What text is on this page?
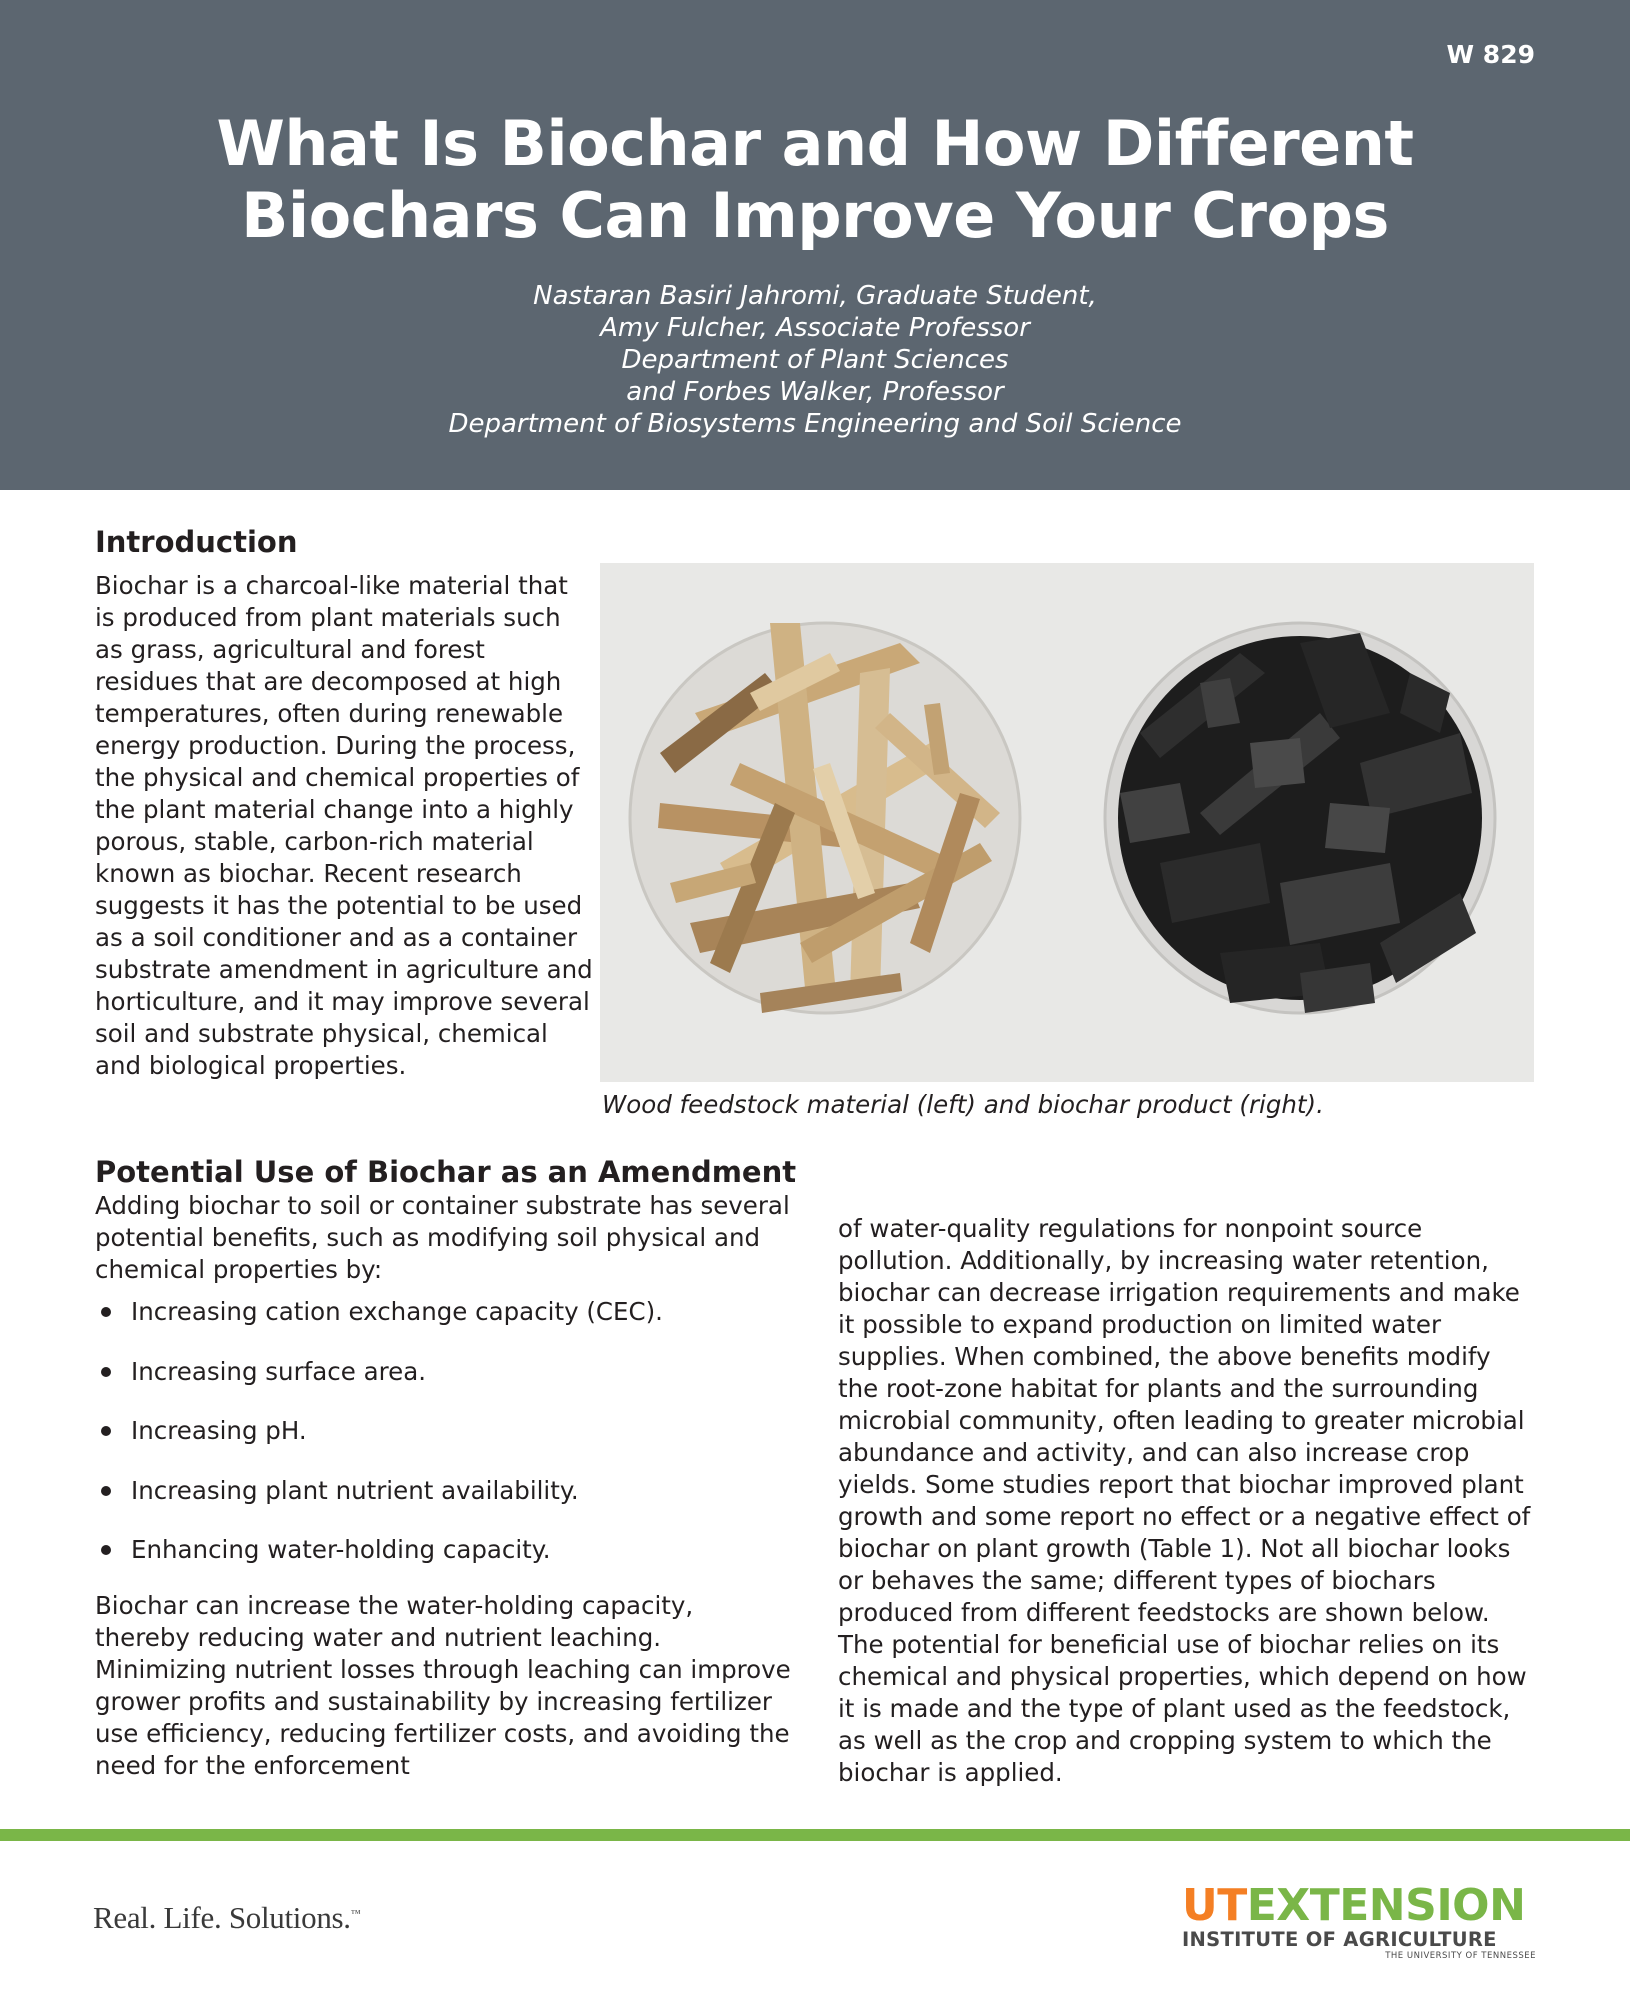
W 829
What Is Biochar and How Different
Biochars Can Improve Your Crops
Nastaran Basiri Jahromi, Graduate Student,
Amy Fulcher, Associate Professor
Department of Plant Sciences
and Forbes Walker, Professor
Department of Biosystems Engineering and Soil Science
Introduction

Biochar is a charcoal-like material that is produced from plant materials such as grass, agricultural and forest residues that are decomposed at high temperatures, often during renewable energy production. During the process, the physical and chemical properties of the plant material change into a highly porous, stable, carbon-rich material known as biochar. Recent research suggests it has the potential to be used as a soil conditioner and as a container substrate amendment in agriculture and horticulture, and it may improve several soil and substrate physical, chemical and biological properties.

Wood feedstock material (left) and biochar product (right).
Potential Use of Biochar as an Amendment

Adding biochar to soil or container substrate has several potential benefits, such as modifying soil physical and chemical properties by:

Increasing cation exchange capacity (CEC).
Increasing surface area.
Increasing pH.
Increasing plant nutrient availability.
Enhancing water-holding capacity.

Biochar can increase the water-holding capacity, thereby reducing water and nutrient leaching. Minimizing nutrient losses through leaching can improve grower profits and sustainability by increasing fertilizer use efficiency, reducing fertilizer costs, and avoiding the need for the enforcement

of water-quality regulations for nonpoint source pollution. Additionally, by increasing water retention, biochar can decrease irrigation requirements and make it possible to expand production on limited water supplies. When combined, the above benefits modify the root-zone habitat for plants and the surrounding microbial community, often leading to greater microbial abundance and activity, and can also increase crop yields. Some studies report that biochar improved plant growth and some report no effect or a negative effect of biochar on plant growth (Table 1). Not all biochar looks or behaves the same; different types of biochars produced from different feedstocks are shown below. The potential for beneficial use of biochar relies on its chemical and physical properties, which depend on how it is made and the type of plant used as the feedstock, as well as the crop and cropping system to which the biochar is applied.

Real. Life. Solutions.™	UTEXTENSION
INSTITUTE OF AGRICULTURE
THE UNIVERSITY OF TENNESSEE
